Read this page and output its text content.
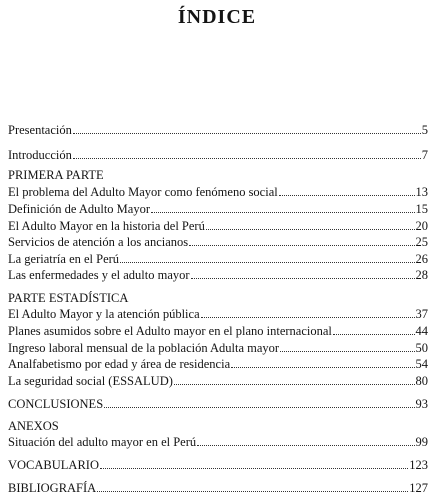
ÍNDICE
Presentación	5
Introducción	7
PRIMERA PARTE
El problema del Adulto Mayor como fenómeno social	13
Definición de Adulto Mayor	15
El Adulto Mayor en la historia del Perú	20
Servicios de atención a los ancianos	25
La geriatría en el Perú	26
Las enfermedades y el adulto mayor	28
PARTE ESTADÍSTICA
El Adulto Mayor y la atención pública	37
Planes asumidos sobre el Adulto mayor en el plano internacional	44
Ingreso laboral mensual de la población Adulta mayor	50
Analfabetismo por edad y área de residencia	54
La seguridad social (ESSALUD)	80
CONCLUSIONES	93
ANEXOS
Situación del adulto mayor en el Perú	99
VOCABULARIO	123
BIBLIOGRAFÍA	127
